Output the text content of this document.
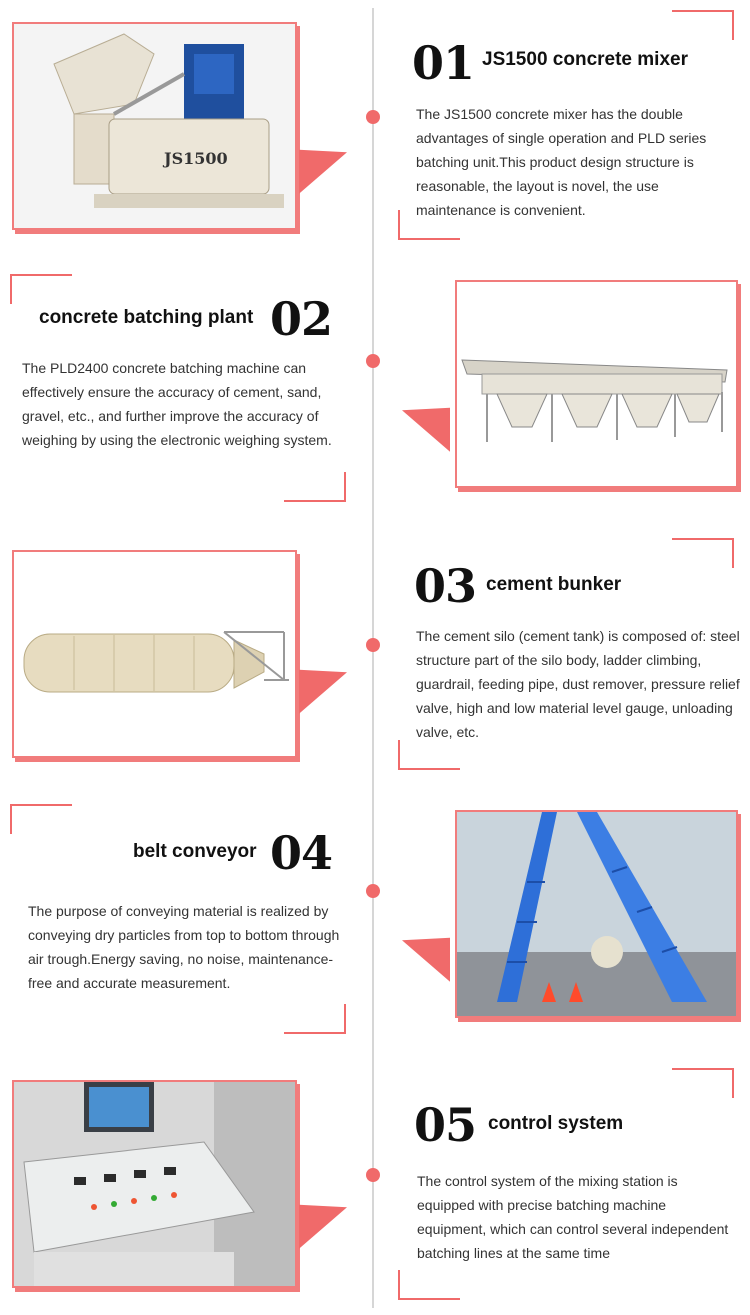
JS1500
01 JS1500 concrete mixer
The JS1500 concrete mixer has the double advantages of single operation and PLD series batching unit.This product design structure is reasonable, the layout is novel, the use maintenance is convenient.
concrete batching plant 02
The PLD2400 concrete batching machine can effectively ensure the accuracy of cement, sand, gravel, etc., and further improve the accuracy of weighing by using the electronic weighing system.
03 cement bunker
The cement silo (cement tank) is composed of: steel structure part of the silo body, ladder climbing, guardrail, feeding pipe, dust remover, pressure relief valve, high and low material level gauge, unloading valve, etc.
belt conveyor 04
The purpose of conveying material is realized by conveying dry particles from top to bottom through air trough.Energy saving, no noise, maintenance-free and accurate measurement.
05 control system
The control system of the mixing station is equipped with precise batching machine equipment, which can control several independent batching lines at the same time
